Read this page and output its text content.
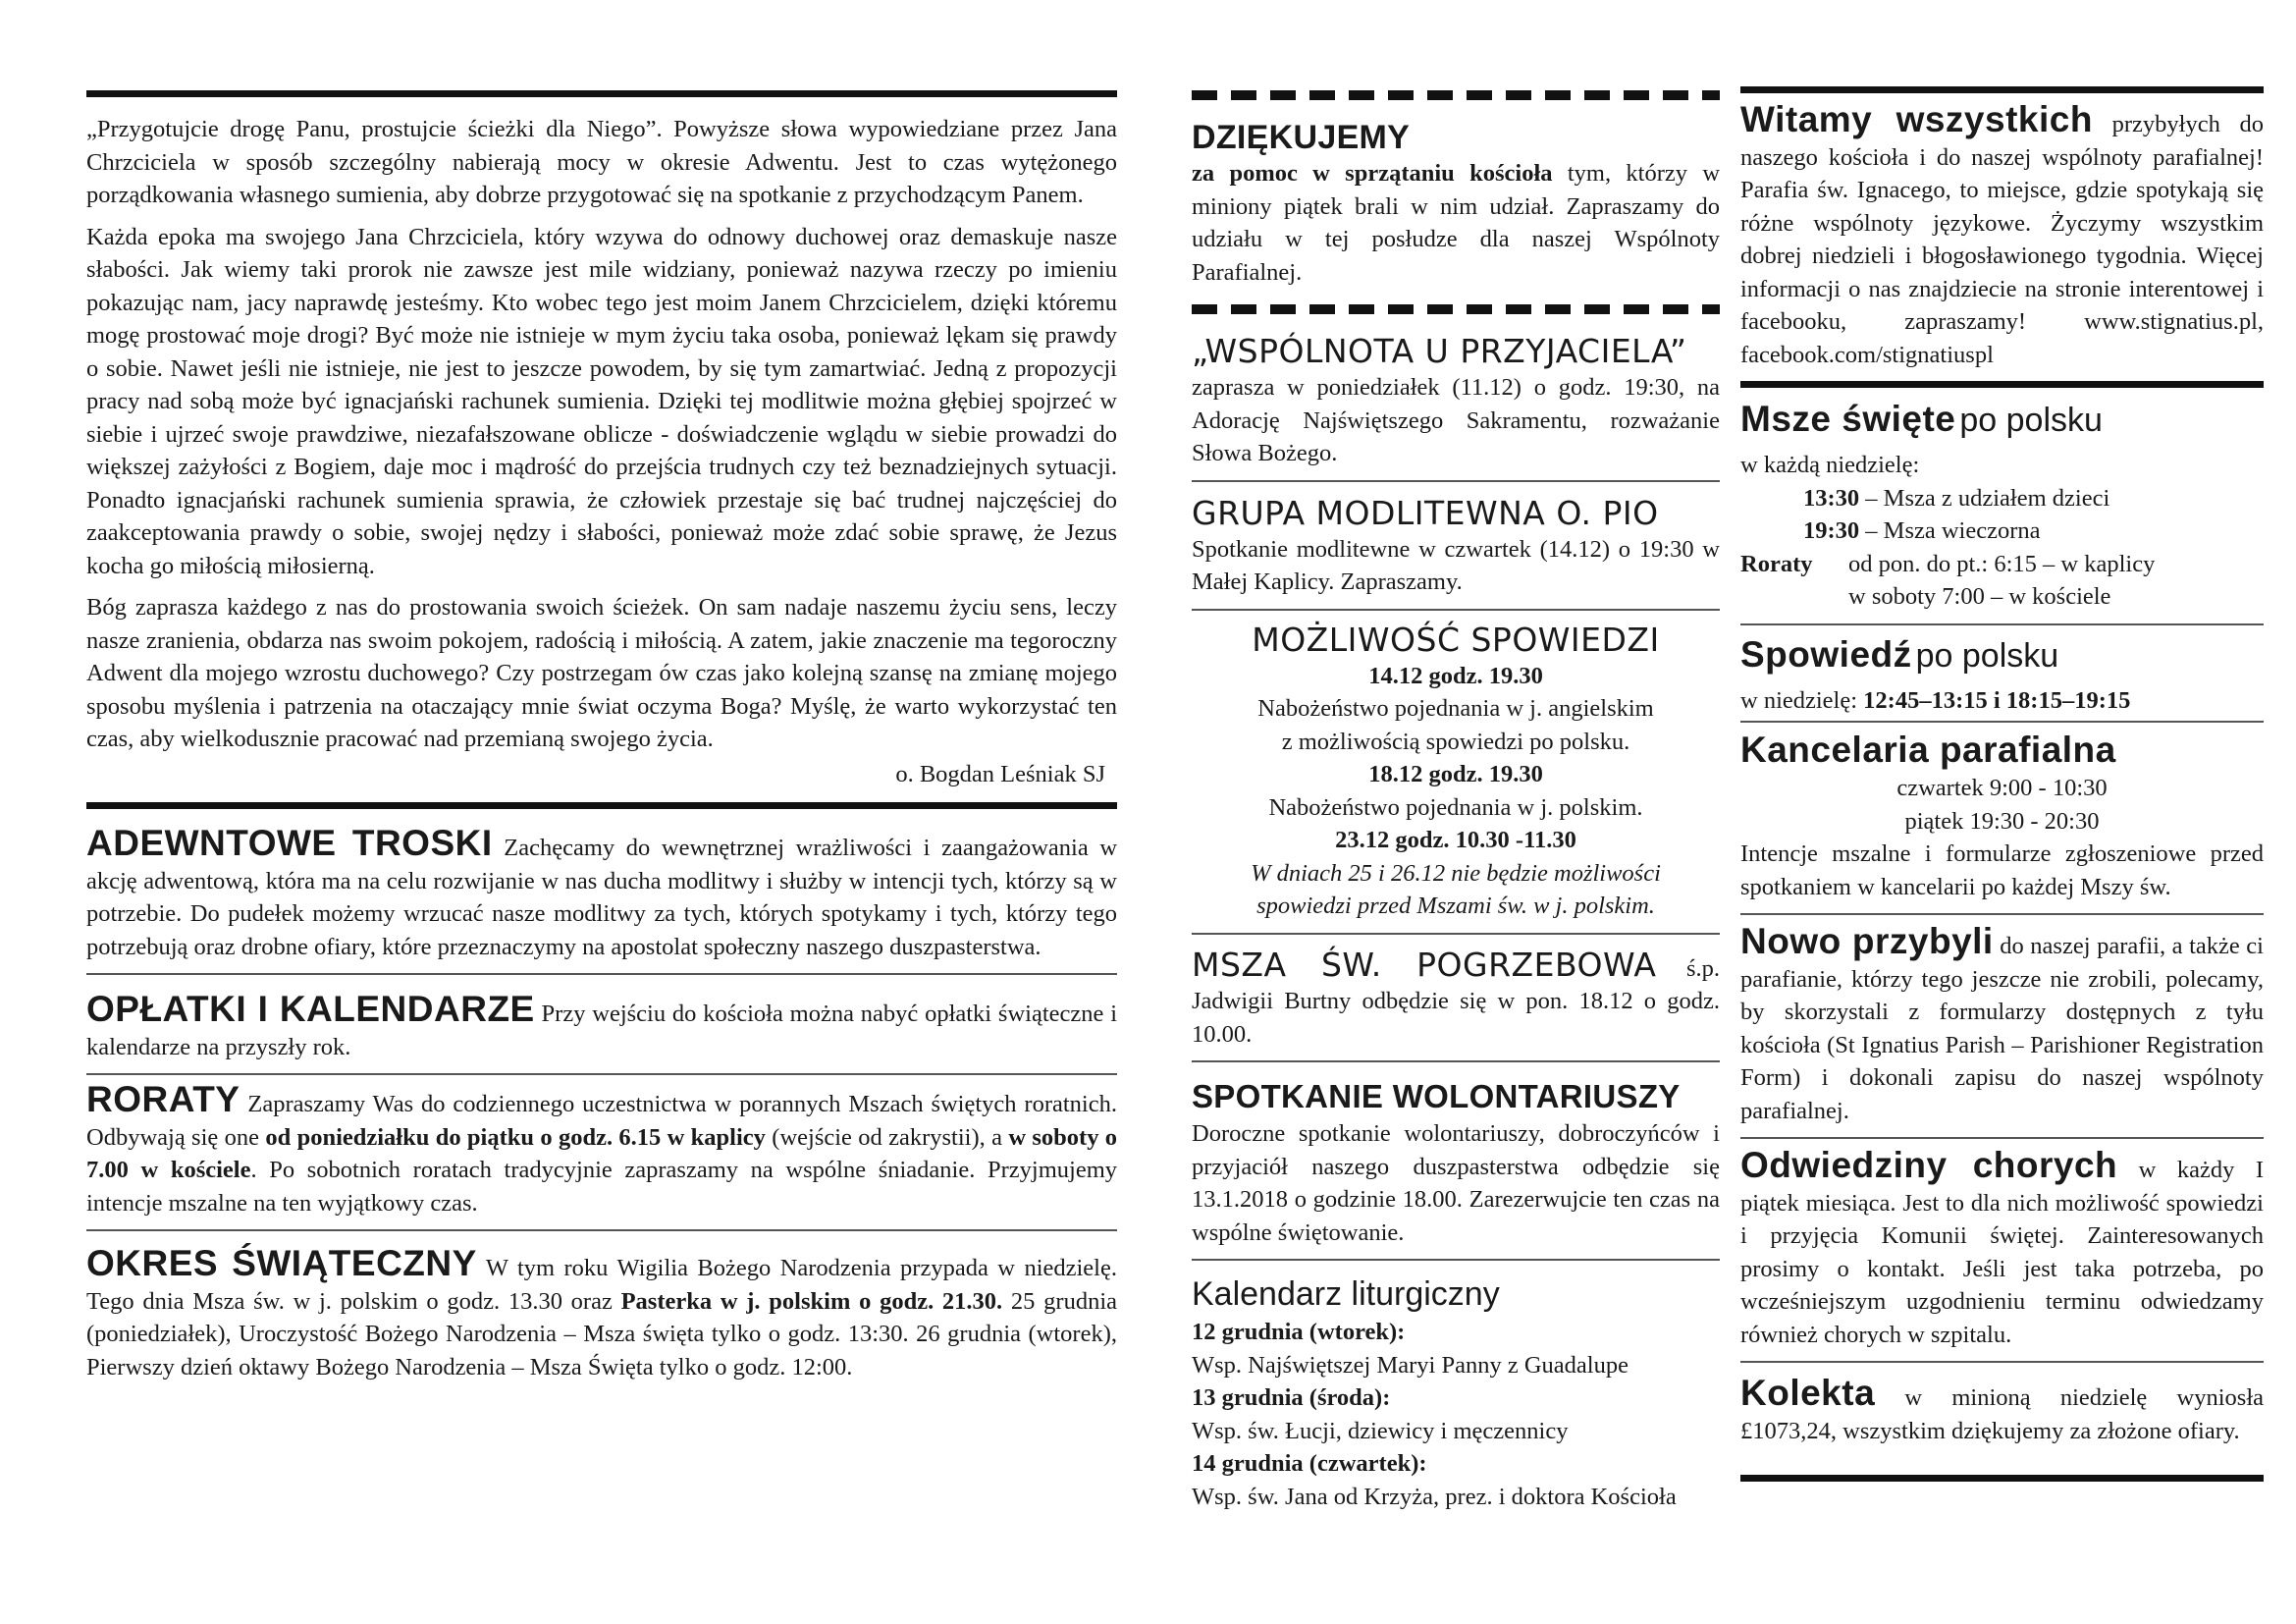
„Przygotujcie drogę Panu, prostujcie ścieżki dla Niego”. Powyższe słowa wypowiedziane przez Jana Chrzciciela w sposób szczególny nabierają mocy w okresie Adwentu. Jest to czas wytężonego porządkowania własnego sumienia, aby dobrze przygotować się na spotkanie z przychodzącym Panem.

Każda epoka ma swojego Jana Chrzciciela, który wzywa do odnowy duchowej oraz demaskuje nasze słabości. Jak wiemy taki prorok nie zawsze jest mile widziany, ponieważ nazywa rzeczy po imieniu pokazując nam, jacy naprawdę jesteśmy. Kto wobec tego jest moim Janem Chrzcicielem, dzięki któremu mogę prostować moje drogi? Być może nie istnieje w mym życiu taka osoba, ponieważ lękam się prawdy o sobie. Nawet jeśli nie istnieje, nie jest to jeszcze powodem, by się tym zamartwiać. Jedną z propozycji pracy nad sobą może być ignacjański rachunek sumienia. Dzięki tej modlitwie można głębiej spojrzeć w siebie i ujrzeć swoje prawdziwe, niezafałszowane oblicze - doświadczenie wglądu w siebie prowadzi do większej zażyłości z Bogiem, daje moc i mądrość do przejścia trudnych czy też beznadziejnych sytuacji. Ponadto ignacjański rachunek sumienia sprawia, że człowiek przestaje się bać trudnej najczęściej do zaakceptowania prawdy o sobie, swojej nędzy i słabości, ponieważ może zdać sobie sprawę, że Jezus kocha go miłością miłosierną.

Bóg zaprasza każdego z nas do prostowania swoich ścieżek. On sam nadaje naszemu życiu sens, leczy nasze zranienia, obdarza nas swoim pokojem, radością i miłością. A zatem, jakie znaczenie ma tegoroczny Adwent dla mojego wzrostu duchowego? Czy postrzegam ów czas jako kolejną szansę na zmianę mojego sposobu myślenia i patrzenia na otaczający mnie świat oczyma Boga? Myślę, że warto wykorzystać ten czas, aby wielkodusznie pracować nad przemianą swojego życia.

o. Bogdan Leśniak SJ

ADEWNTOWE TROSKI Zachęcamy do wewnętrznej wrażliwości i zaangażowania w akcję adwentową, która ma na celu rozwijanie w nas ducha modlitwy i służby w intencji tych, którzy są w potrzebie. Do pudełek możemy wrzucać nasze modlitwy za tych, których spotykamy i tych, którzy tego potrzebują oraz drobne ofiary, które przeznaczymy na apostolat społeczny naszego duszpasterstwa.

OPŁATKI I KALENDARZE Przy wejściu do kościoła można nabyć opłatki świąteczne i kalendarze na przyszły rok.

RORATY Zapraszamy Was do codziennego uczestnictwa w porannych Mszach świętych roratnich. Odbywają się one od poniedziałku do piątku o godz. 6.15 w kaplicy (wejście od zakrystii), a w soboty o 7.00 w kościele. Po sobotnich roratach tradycyjnie zapraszamy na wspólne śniadanie. Przyjmujemy intencje mszalne na ten wyjątkowy czas.

OKRES ŚWIĄTECZNY W tym roku Wigilia Bożego Narodzenia przypada w niedzielę. Tego dnia Msza św. w j. polskim o godz. 13.30 oraz Pasterka w j. polskim o godz. 21.30. 25 grudnia (poniedziałek), Uroczystość Bożego Narodzenia – Msza święta tylko o godz. 13:30. 26 grudnia (wtorek), Pierwszy dzień oktawy Bożego Narodzenia – Msza Święta tylko o godz. 12:00.

DZIĘKUJEMY

za pomoc w sprzątaniu kościoła tym, którzy w miniony piątek brali w nim udział. Zapraszamy do udziału w tej posłudze dla naszej Wspólnoty Parafialnej.

„WSPÓLNOTA U PRZYJACIELA”

zaprasza w poniedziałek (11.12) o godz. 19:30, na Adorację Najświętszego Sakramentu, rozważanie Słowa Bożego.

GRUPA MODLITEWNA O. PIO

Spotkanie modlitewne w czwartek (14.12) o 19:30 w Małej Kaplicy. Zapraszamy.

MOŻLIWOŚĆ SPOWIEDZI
14.12 godz. 19.30
Nabożeństwo pojednania w j. angielskim
z możliwością spowiedzi po polsku.
18.12 godz. 19.30
Nabożeństwo pojednania w j. polskim.
23.12 godz. 10.30 -11.30
W dniach 25 i 26.12 nie będzie możliwości
spowiedzi przed Mszami św. w j. polskim.

MSZA ŚW. POGRZEBOWA ś.p. Jadwigii Burtny odbędzie się w pon. 18.12 o godz. 10.00.

SPOTKANIE WOLONTARIUSZY

Doroczne spotkanie wolontariuszy, dobroczyńców i przyjaciół naszego duszpasterstwa odbędzie się 13.1.2018 o godzinie 18.00. Zarezerwujcie ten czas na wspólne świętowanie.

Kalendarz liturgiczny
12 grudnia (wtorek):
Wsp. Najświętszej Maryi Panny z Guadalupe
13 grudnia (środa):
Wsp. św. Łucji, dziewicy i męczennicy
14 grudnia (czwartek):
Wsp. św. Jana od Krzyża, prez. i doktora Kościoła

Witamy wszystkich przybyłych do naszego kościoła i do naszej wspólnoty parafialnej! Parafia św. Ignacego, to miejsce, gdzie spotykają się różne wspólnoty językowe. Życzymy wszystkim dobrej niedzieli i błogosławionego tygodnia. Więcej informacji o nas znajdziecie na stronie interentowej i facebooku, zapraszamy! www.stignatius.pl, facebook.com/stignatiuspl

Msze święte po polsku
w każdą niedzielę:
13:30 – Msza z udziałem dzieci
19:30 – Msza wieczorna
Roraty	od pon. do pt.: 6:15 – w kaplicy
w soboty 7:00 – w kościele
Spowiedź po polsku
w niedzielę: 12:45–13:15 i 18:15–19:15
Kancelaria parafialna
czwartek 9:00 - 10:30
piątek 19:30 - 20:30

Intencje mszalne i formularze zgłoszeniowe przed spotkaniem w kancelarii po każdej Mszy św.

Nowo przybyli do naszej parafii, a także ci parafianie, którzy tego jeszcze nie zrobili, polecamy, by skorzystali z formularzy dostępnych z tyłu kościoła (St Ignatius Parish – Parishioner Registration Form) i dokonali zapisu do naszej wspólnoty parafialnej.

Odwiedziny chorych w każdy I piątek miesiąca. Jest to dla nich możliwość spowiedzi i przyjęcia Komunii świętej. Zainteresowanych prosimy o kontakt. Jeśli jest taka potrzeba, po wcześniejszym uzgodnieniu terminu odwiedzamy również chorych w szpitalu.

Kolekta w minioną niedzielę wyniosła £1073,24, wszystkim dziękujemy za złożone ofiary.
